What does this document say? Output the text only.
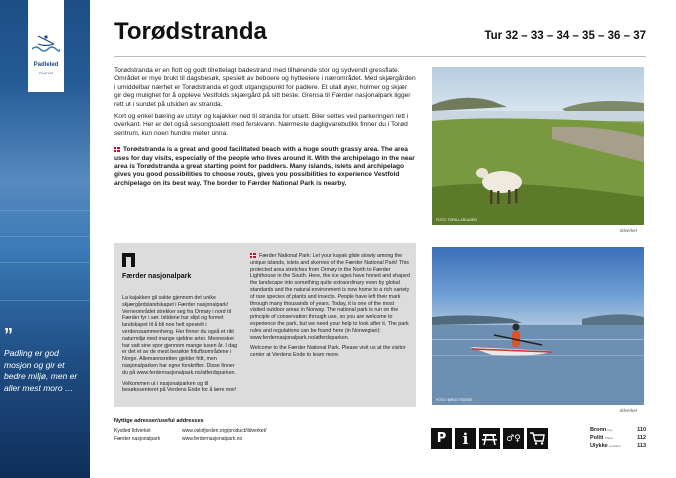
Padleled
Vestfold
”
Padling er god mosjon og gir et bedre miljø, men er aller mest moro …
Torødstranda	Tur 32 – 33 – 34 – 35 – 36 – 37

Torødstranda er en flott og godt tilrettelagt badestrand med tilhørende stor og sydvendt gressflate. Området er mye brukt til dagsbesøk, spesielt av beboere og hytteeiere i nærområdet. Med skjærgården i umiddelbar nærhet er Torødstranda et godt utgangspunkt for padlere. Et utall øyer, holmer og skjær gir deg mulighet for å oppleve Vestfolds skjærgård på sitt beste. Grensa til Færder nasjonalpark ligger rett ut i sundet på utsiden av stranda.

Kort og enkel bæring av utstyr og kajakker ned til stranda for utsett. Biler settes ved parkeringen rett i overkant. Her er det også sesongtoalett med ferskvann. Nærmeste dagligvarebutikk finner du i Torød sentrum, kun noen hundre meter unna.

Torødstranda is a great and good facilitated beach with a huge south grassy area. The area uses for day visits, especially of the people who lives around it. With the archipelago in the near area is Torødstranda a great starting point for paddlers. Many islands, islets and archipelago gives you good possibilities to choose routs, gives you possibilities to experience Vestfold archipelago on its best way. The border to Færder National Park is nearby.

FOTO: TORILL ASLAGEN
Ildverket
FOTO: BIRGIT ROSSE
Ildverket
Færder nasjonalpark

La kajakken gli sakte gjennom det unike skjærgårdslandskapet i Færder nasjonalpark! Verneområdet strekker seg fra Ormøy i nord til Færder fyr i sør. Istidene har slipt og formet landskapet til å bli noe helt spesielt i verdenssammenheng. Her finner du også et rikt naturmiljø med mange sjeldne arter. Mennesker har satt sine spor gjennom mange tusen år. I dag er det et av de mest besøkte friluftsområdene i Norge. Allemannsretten gjelder fritt, men nasjonalparken har egne forskrifter. Disse finner du på www.ferdernasjonalpark.no/atferdsparken.

Velkommen ut i nasjonalparken og til besøkssenteret på Verdens Ende for å lære mer!

Færder National Park: Let your kayak glide slowly among the unique islands, islets and skerries of the Færder National Park! This protected area stretches from Ormøy in the North to Færder Lighthouse in the South. Here, the ice ages have honed and shaped the landscape into something quite extraordinary even by global standards and the natural environment is now home to a rich variety of rare species of plants and insects. People have left their mark through many thousands of years. Today, it is one of the most visited outdoor areas in Norway. The national park is run on the principle of conservation through use, so you are welcome to experience the park, but we need your help to look after it. The park rules and regulations can be found here (in Norwegian): www.ferdernasjonalpark.no/atferdsparken.

Welcome to the Færder National Park. Please visit us at the visitor center at Verdens Ende to learn more.

Nyttige adresser/useful addresses
Kystled Ildverket	www.oslofjorden.org/product/ildverket/
Færder nasjonalpark	www.ferdernasjonalpark.no	P	i	♂♀
Bronn Fey	110
Politi Police	112
Ulykke Accident	113
